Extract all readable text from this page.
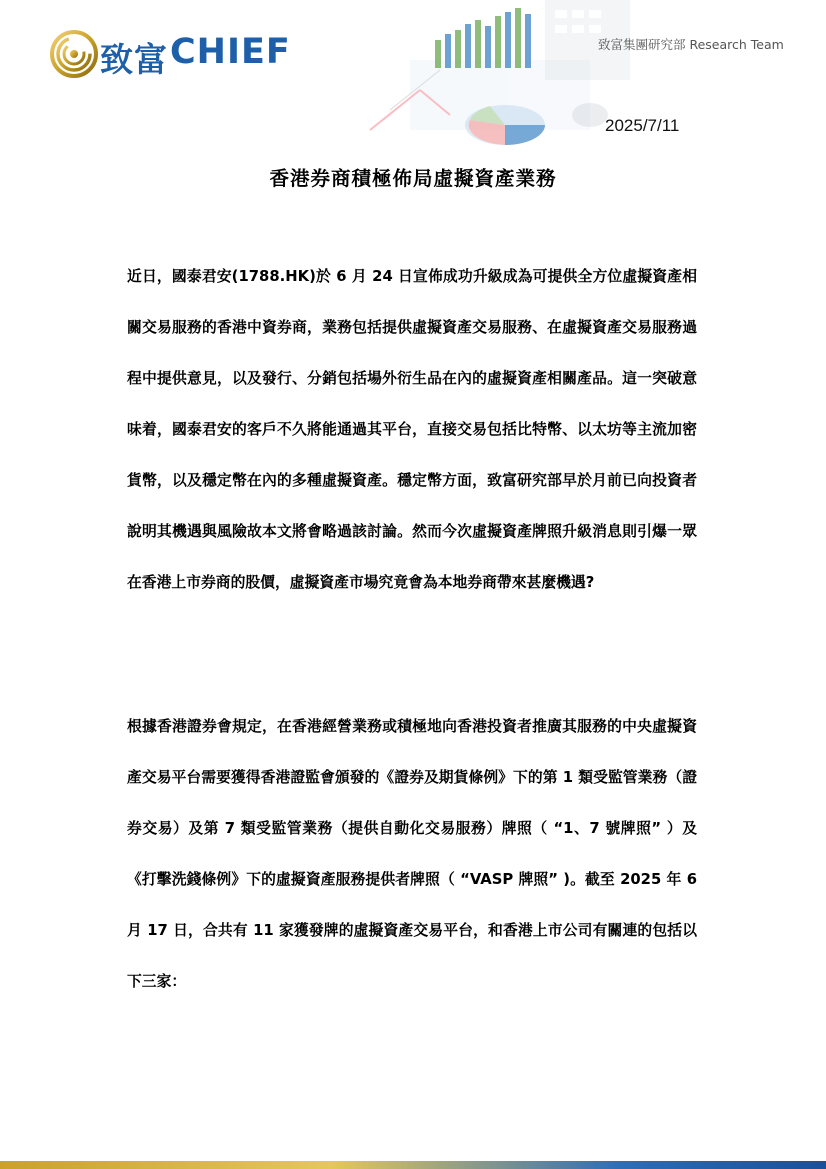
致富 CHIEF	致富集團研究部 Research Team
2025/7/11
香港券商積極佈局虛擬資產業務
近日，國泰君安(1788.HK)於 6 月 24 日宣佈成功升級成為可提供全方位虛擬資產相關交易服務的香港中資券商，業務包括提供虛擬資產交易服務、在虛擬資產交易服務過程中提供意見，以及發行、分銷包括場外衍生品在內的虛擬資產相關產品。這一突破意味着，國泰君安的客戶不久將能通過其平台，直接交易包括比特幣、以太坊等主流加密貨幣，以及穩定幣在內的多種虛擬資產。穩定幣方面，致富研究部早於月前已向投資者說明其機遇與風險故本文將會略過該討論。然而今次虛擬資產牌照升級消息則引爆一眾在香港上市券商的股價，虛擬資產市場究竟會為本地券商帶來甚麼機遇?
根據香港證券會規定，在香港經營業務或積極地向香港投資者推廣其服務的中央虛擬資產交易平台需要獲得香港證監會頒發的《證券及期貨條例》下的第 1 類受監管業務（證券交易）及第 7 類受監管業務（提供自動化交易服務）牌照（ “1、7 號牌照” ）及《打擊洗錢條例》下的虛擬資產服務提供者牌照（ “VASP 牌照” )。截至 2025 年 6 月 17 日，合共有 11 家獲發牌的虛擬資產交易平台，和香港上市公司有關連的包括以下三家：
